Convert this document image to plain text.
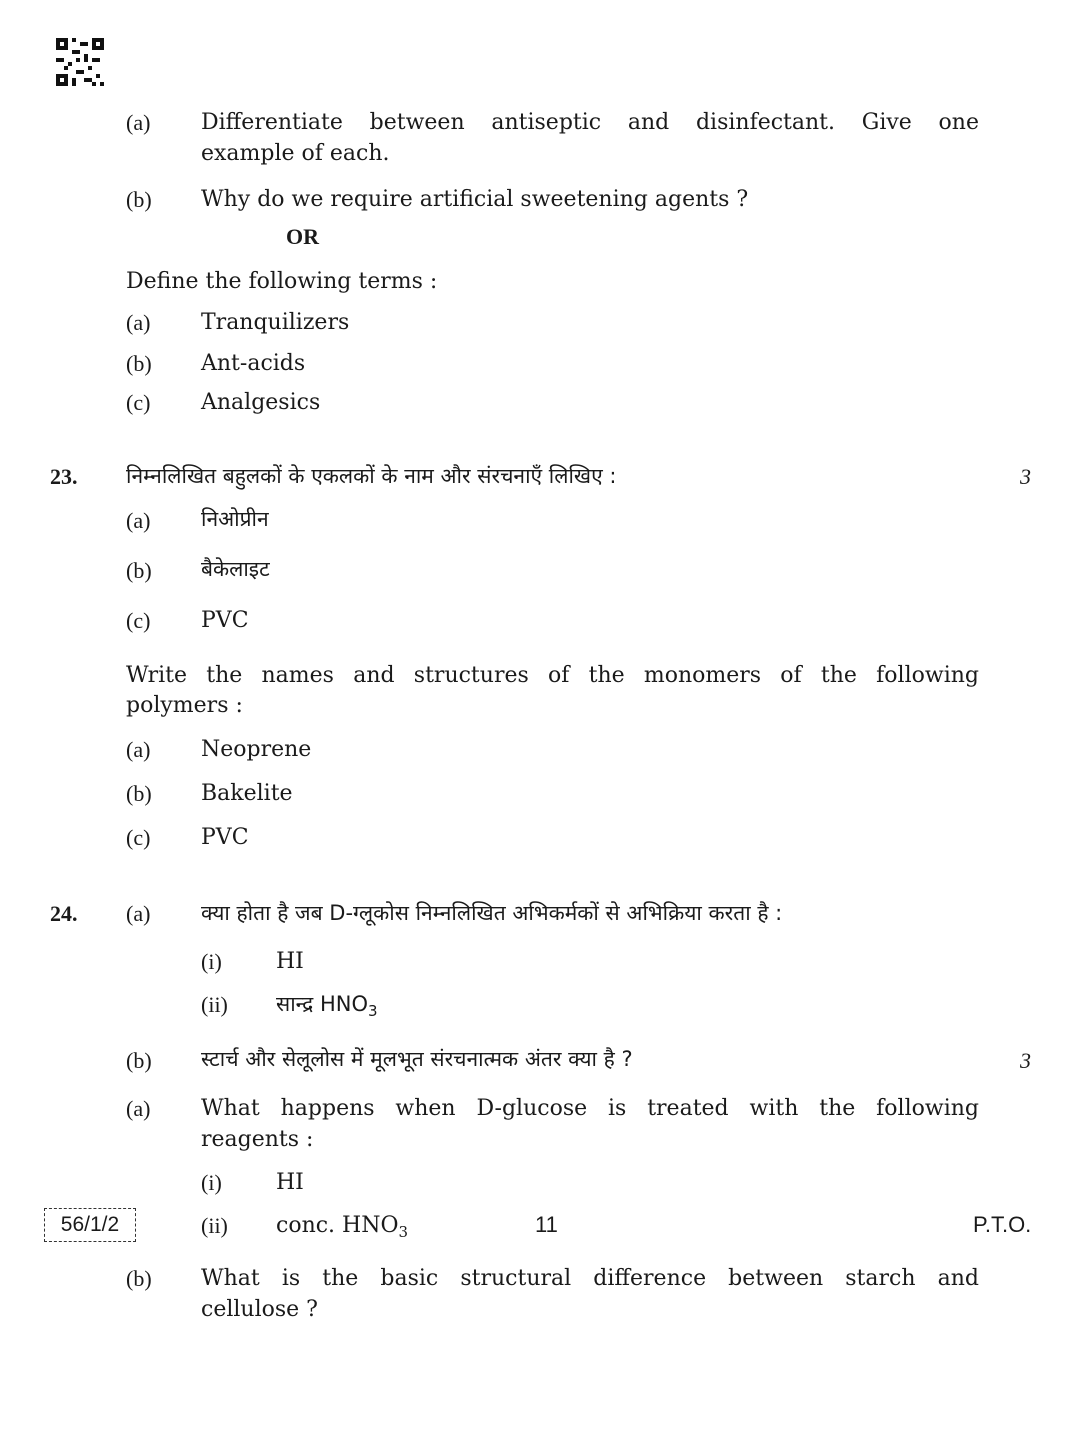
(a) Differentiate between antiseptic and disinfectant. Give one
example of each.
(b) Why do we require artificial sweetening agents ?
OR
Define the following terms :
(a) Tranquilizers
(b) Ant-acids
(c) Analgesics
23. निम्नलिखित बहुलकों के एकलकों के नाम और संरचनाएँ लिखिए :	3
(a) निओप्रीन
(b) बैकेलाइट
(c) PVC
Write the names and structures of the monomers of the following
polymers :
(a) Neoprene
(b) Bakelite
(c) PVC
24. (a) क्या होता है जब D-ग्लूकोस निम्नलिखित अभिकर्मकों से अभिक्रिया करता है :
(i) HI
(ii) सान्द्र $HNO_3$
(b) स्टार्च और सेलूलोस में मूलभूत संरचनात्मक अंतर क्या है ?	3
(a) What happens when D-glucose is treated with the following
reagents :
(i) HI
(ii) conc. $HNO_3$
(b) What is the basic structural difference between starch and
cellulose ?
56/1/2	11	P.T.O.
